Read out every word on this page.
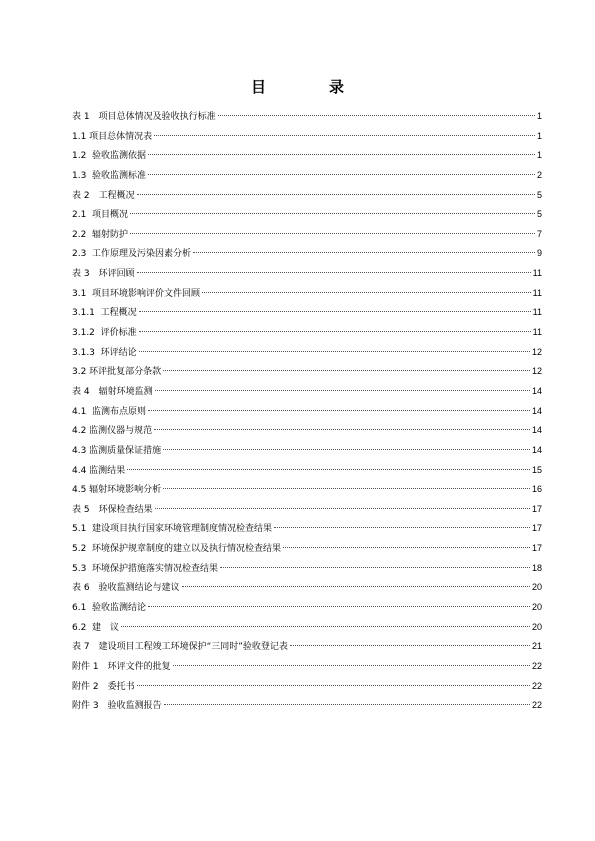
目　录
表 1　项目总体情况及验收执行标准	1
1.1 项目总体情况表	1
1.2  验收监测依据	1
1.3  验收监测标准	2
表 2　工程概况	5
2.1  项目概况	5
2.2  辐射防护	7
2.3  工作原理及污染因素分析	9
表 3　环评回顾	11
3.1  项目环境影响评价文件回顾	11
3.1.1  工程概况	11
3.1.2  评价标准	11
3.1.3  环评结论	12
3.2 环评批复部分条款	12
表 4　辐射环境监测	14
4.1  监测布点原则	14
4.2 监测仪器与规范	14
4.3 监测质量保证措施	14
4.4 监测结果	15
4.5 辐射环境影响分析	16
表 5　环保检查结果	17
5.1  建设项目执行国家环境管理制度情况检查结果	17
5.2  环境保护规章制度的建立以及执行情况检查结果	17
5.3  环境保护措施落实情况检查结果	18
表 6　验收监测结论与建议	20
6.1  验收监测结论	20
6.2  建　议	20
表 7　建设项目工程竣工环境保护“三同时”验收登记表	21
附件 1　环评文件的批复	22
附件 2　委托书	22
附件 3　验收监测报告	22
